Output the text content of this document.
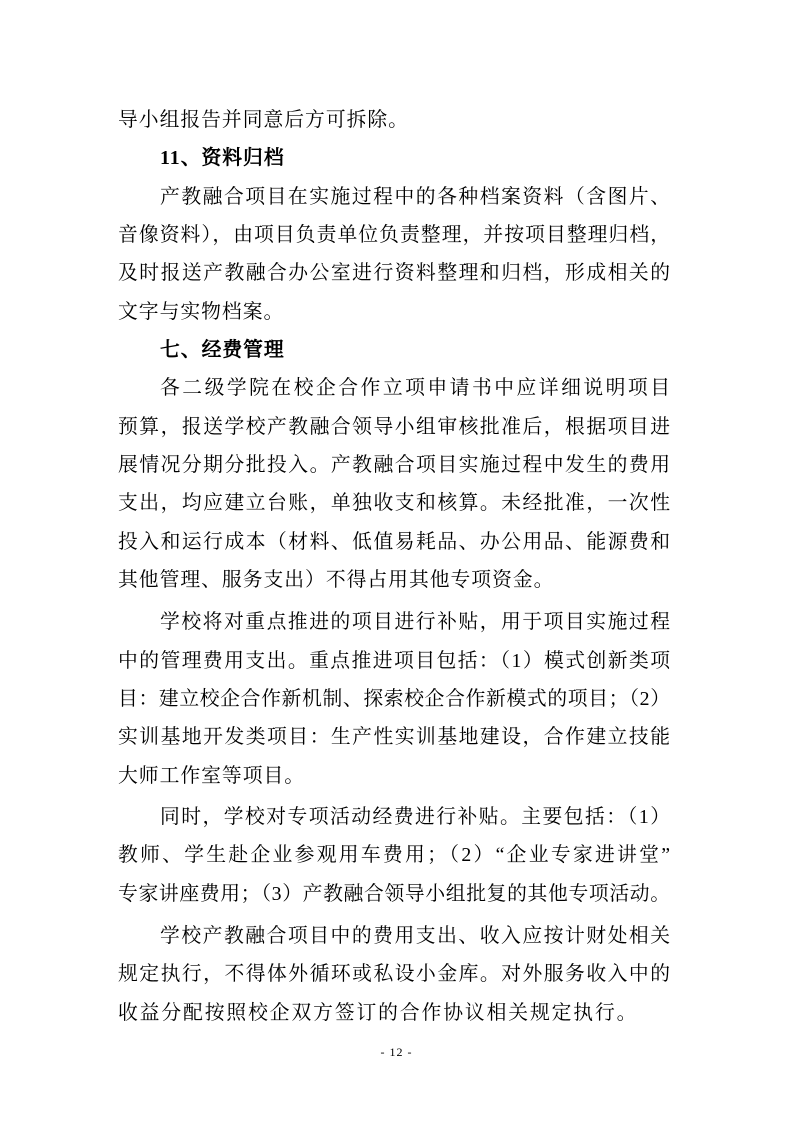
导小组报告并同意后方可拆除。
11、资料归档
产教融合项目在实施过程中的各种档案资料（含图片、
音像资料），由项目负责单位负责整理，并按项目整理归档，
及时报送产教融合办公室进行资料整理和归档，形成相关的
文字与实物档案。
七、经费管理
各二级学院在校企合作立项申请书中应详细说明项目
预算，报送学校产教融合领导小组审核批准后，根据项目进
展情况分期分批投入。产教融合项目实施过程中发生的费用
支出，均应建立台账，单独收支和核算。未经批准，一次性
投入和运行成本（材料、低值易耗品、办公用品、能源费和
其他管理、服务支出）不得占用其他专项资金。
学校将对重点推进的项目进行补贴，用于项目实施过程
中的管理费用支出。重点推进项目包括：（1）模式创新类项
目：建立校企合作新机制、探索校企合作新模式的项目；（2）
实训基地开发类项目：生产性实训基地建设，合作建立技能
大师工作室等项目。
同时，学校对专项活动经费进行补贴。主要包括：（1）
教师、学生赴企业参观用车费用；（2）“企业专家进讲堂”
专家讲座费用；（3）产教融合领导小组批复的其他专项活动。
学校产教融合项目中的费用支出、收入应按计财处相关
规定执行，不得体外循环或私设小金库。对外服务收入中的
收益分配按照校企双方签订的合作协议相关规定执行。
- 12 -
